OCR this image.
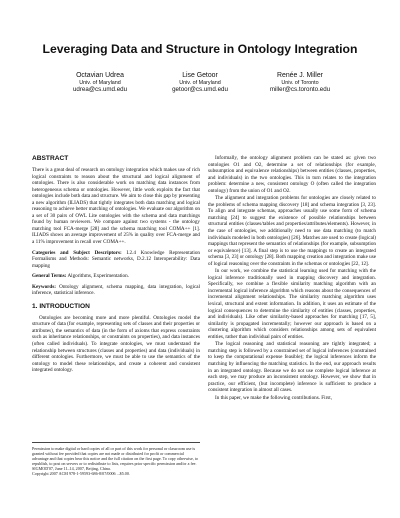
Leveraging Data and Structure in Ontology Integration
Octavian Udrea
Univ. of Maryland
udrea@cs.umd.edu
Lise Getoor
Univ. of Maryland
getoor@cs.umd.edu
Renée J. Miller
Univ. of Toronto
miller@cs.toronto.edu
ABSTRACT

There is a great deal of research on ontology integration which makes use of rich logical constraints to reason about the structural and logical alignment of ontologies. There is also considerable work on matching data instances from heterogeneous schema or ontologies. However, little work exploits the fact that ontologies include both data and structure. We aim to close this gap by presenting a new algorithm (ILIADS) that tightly integrates both data matching and logical reasoning to achieve better matching of ontologies. We evaluate our algorithm on a set of 30 pairs of OWL Lite ontologies with the schema and data matchings found by human reviewers. We compare against two systems - the ontology matching tool FCA-merge [28] and the schema matching tool COMA++ [1]. ILIADS shows an average improvement of 25% in quality over FCA-merge and a 11% improvement in recall over COMA++.

Categories and Subject Descriptors: I.2.4 Knowledge Representation Formalisms and Methods: Semantic networks, D.2.12 Interoperability: Data mapping

General Terms: Algorithms, Experimentation.

Keywords: Ontology alignment, schema mapping, data integration, logical inference, statistical inference.

1. INTRODUCTION

Ontologies are becoming more and more plentiful. Ontologies model the structure of data (for example, representing sets of classes and their properties or attributes), the semantics of data (in the form of axioms that express constraints such as inheritance relationships, or constraints on properties), and data instances (often called individuals). To integrate ontologies, we must understand the relationship between structures (classes and properties) and data (individuals) in different ontologies. Furthermore, we must be able to use the semantics of the ontology to model these relationships, and create a coherent and consistent integrated ontology.

Permission to make digital or hard copies of all or part of this work for personal or classroom use is granted without fee provided that copies are not made or distributed for profit or commercial advantage and that copies bear this notice and the full citation on the first page. To copy otherwise, to republish, to post on servers or to redistribute to lists, requires prior specific permission and/or a fee.
SIGMOD'07, June 11–14, 2007, Beijing, China.
Copyright 2007 ACM 978-1-59593-686-8/07/0006 ...$5.00.

Informally, the ontology alignment problem can be stated as: given two ontologies O1 and O2, determine a set of relationships (for example, subsumption and equivalence relationships) between entities (classes, properties, and individuals) in the two ontologies. This in turn relates to the integration problem: determine a new, consistent ontology O (often called the integration ontology) from the union of O1 and O2.

The alignment and integration problems for ontologies are closely related to the problems of schema mapping discovery [18] and schema integration [3, 23]. To align and integrate schemas, approaches usually use some form of schema matching [24] to suggest the existence of possible relationships between structural entities (classes/tables and properties/attributes/elements). However, in the case of ontologies, we additionally need to use data matching (to match individuals modeled in both ontologies) [26]. Matches are used to create (logical) mappings that represent the semantics of relationships (for example, subsumption or equivalence) [13]. A final step is to use the mappings to create an integrated schema [3, 23] or ontology [28]. Both mapping creation and integration make use of logical reasoning over the constraints in the schemas or ontologies [22, 12].

In our work, we combine the statistical learning used for matching with the logical inference traditionally used in mapping discovery and integration. Specifically, we combine a flexible similarity matching algorithm with an incremental logical inference algorithm which reasons about the consequences of incremental alignment relationships. The similarity matching algorithm uses lexical, structural and extent information. In addition, it uses an estimate of the logical consequences to determine the similarity of entities (classes, properties, and individuals). Like other similarity-based approaches for matching [17, 5], similarity is propagated incrementally; however our approach is based on a clustering algorithm which considers relationships among sets of equivalent entities, rather than individual pairs of entities.

The logical reasoning and statistical reasoning are tightly integrated; a matching step is followed by a constrained set of logical inferences (constrained to keep the computational expense feasible); the logical inferences inform the matching by influencing the matching statistics. In the end, our approach results in an integrated ontology. Because we do not use complete logical inference at each step, we may produce an inconsistent ontology. However, we show that in practice, our efficient, (but incomplete) inference is sufficient to produce a consistent integration in almost all cases.

In this paper, we make the following contributions. First,
